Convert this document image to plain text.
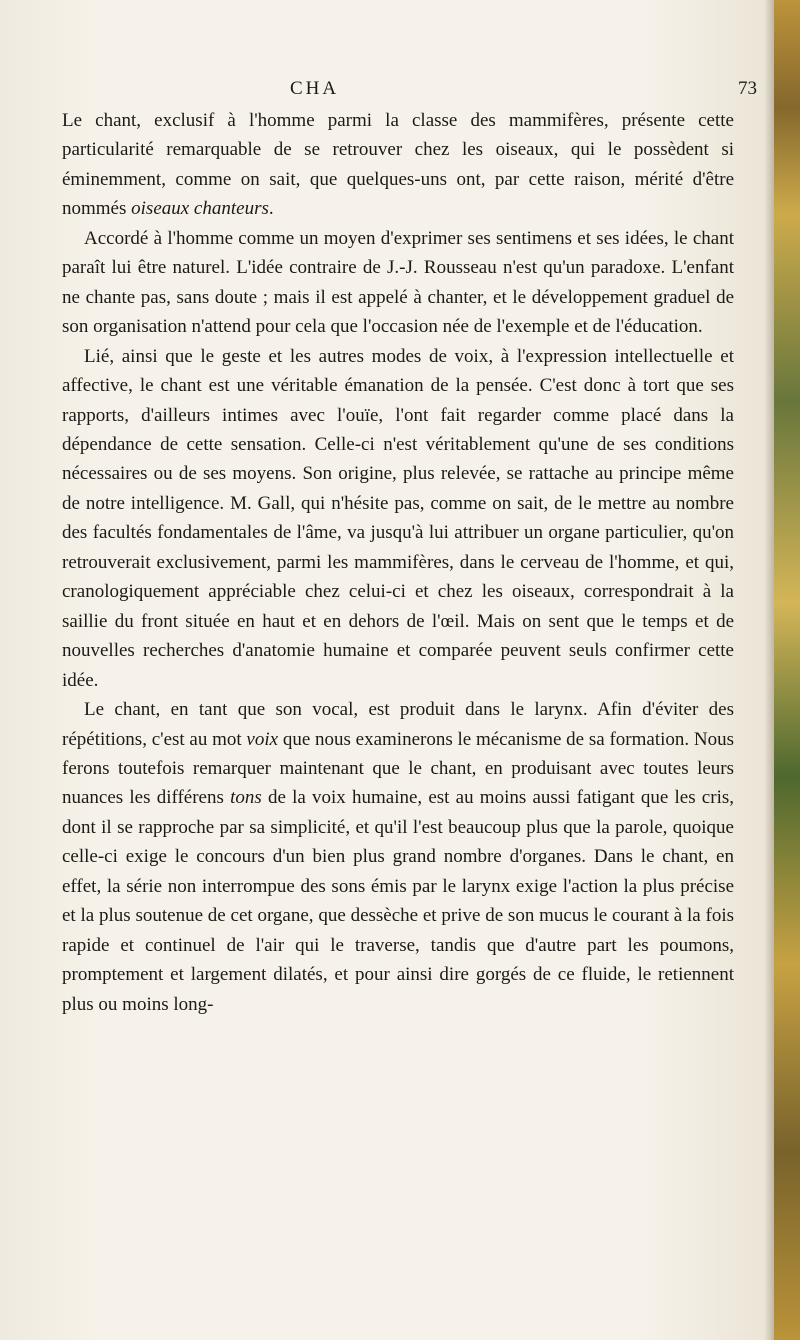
CHA	73

Le chant, exclusif à l'homme parmi la classe des mammifères, présente cette particularité remarquable de se retrouver chez les oiseaux, qui le possèdent si éminemment, comme on sait, que quelques-uns ont, par cette raison, mérité d'être nommés oiseaux chanteurs.

Accordé à l'homme comme un moyen d'exprimer ses sentimens et ses idées, le chant paraît lui être naturel. L'idée contraire de J.-J. Rousseau n'est qu'un paradoxe. L'enfant ne chante pas, sans doute ; mais il est appelé à chanter, et le développement graduel de son organisation n'attend pour cela que l'occasion née de l'exemple et de l'éducation.

Lié, ainsi que le geste et les autres modes de voix, à l'expression intellectuelle et affective, le chant est une véritable émanation de la pensée. C'est donc à tort que ses rapports, d'ailleurs intimes avec l'ouïe, l'ont fait regarder comme placé dans la dépendance de cette sensation. Celle-ci n'est véritablement qu'une de ses conditions nécessaires ou de ses moyens. Son origine, plus relevée, se rattache au principe même de notre intelligence. M. Gall, qui n'hésite pas, comme on sait, de le mettre au nombre des facultés fondamentales de l'âme, va jusqu'à lui attribuer un organe particulier, qu'on retrouverait exclusivement, parmi les mammifères, dans le cerveau de l'homme, et qui, cranologiquement appréciable chez celui-ci et chez les oiseaux, correspondrait à la saillie du front située en haut et en dehors de l'œil. Mais on sent que le temps et de nouvelles recherches d'anatomie humaine et comparée peuvent seuls confirmer cette idée.

Le chant, en tant que son vocal, est produit dans le larynx. Afin d'éviter des répétitions, c'est au mot voix que nous examinerons le mécanisme de sa formation. Nous ferons toutefois remarquer maintenant que le chant, en produisant avec toutes leurs nuances les différens tons de la voix humaine, est au moins aussi fatigant que les cris, dont il se rapproche par sa simplicité, et qu'il l'est beaucoup plus que la parole, quoique celle-ci exige le concours d'un bien plus grand nombre d'organes. Dans le chant, en effet, la série non interrompue des sons émis par le larynx exige l'action la plus précise et la plus soutenue de cet organe, que dessèche et prive de son mucus le courant à la fois rapide et continuel de l'air qui le traverse, tandis que d'autre part les poumons, promptement et largement dilatés, et pour ainsi dire gorgés de ce fluide, le retiennent plus ou moins long-
